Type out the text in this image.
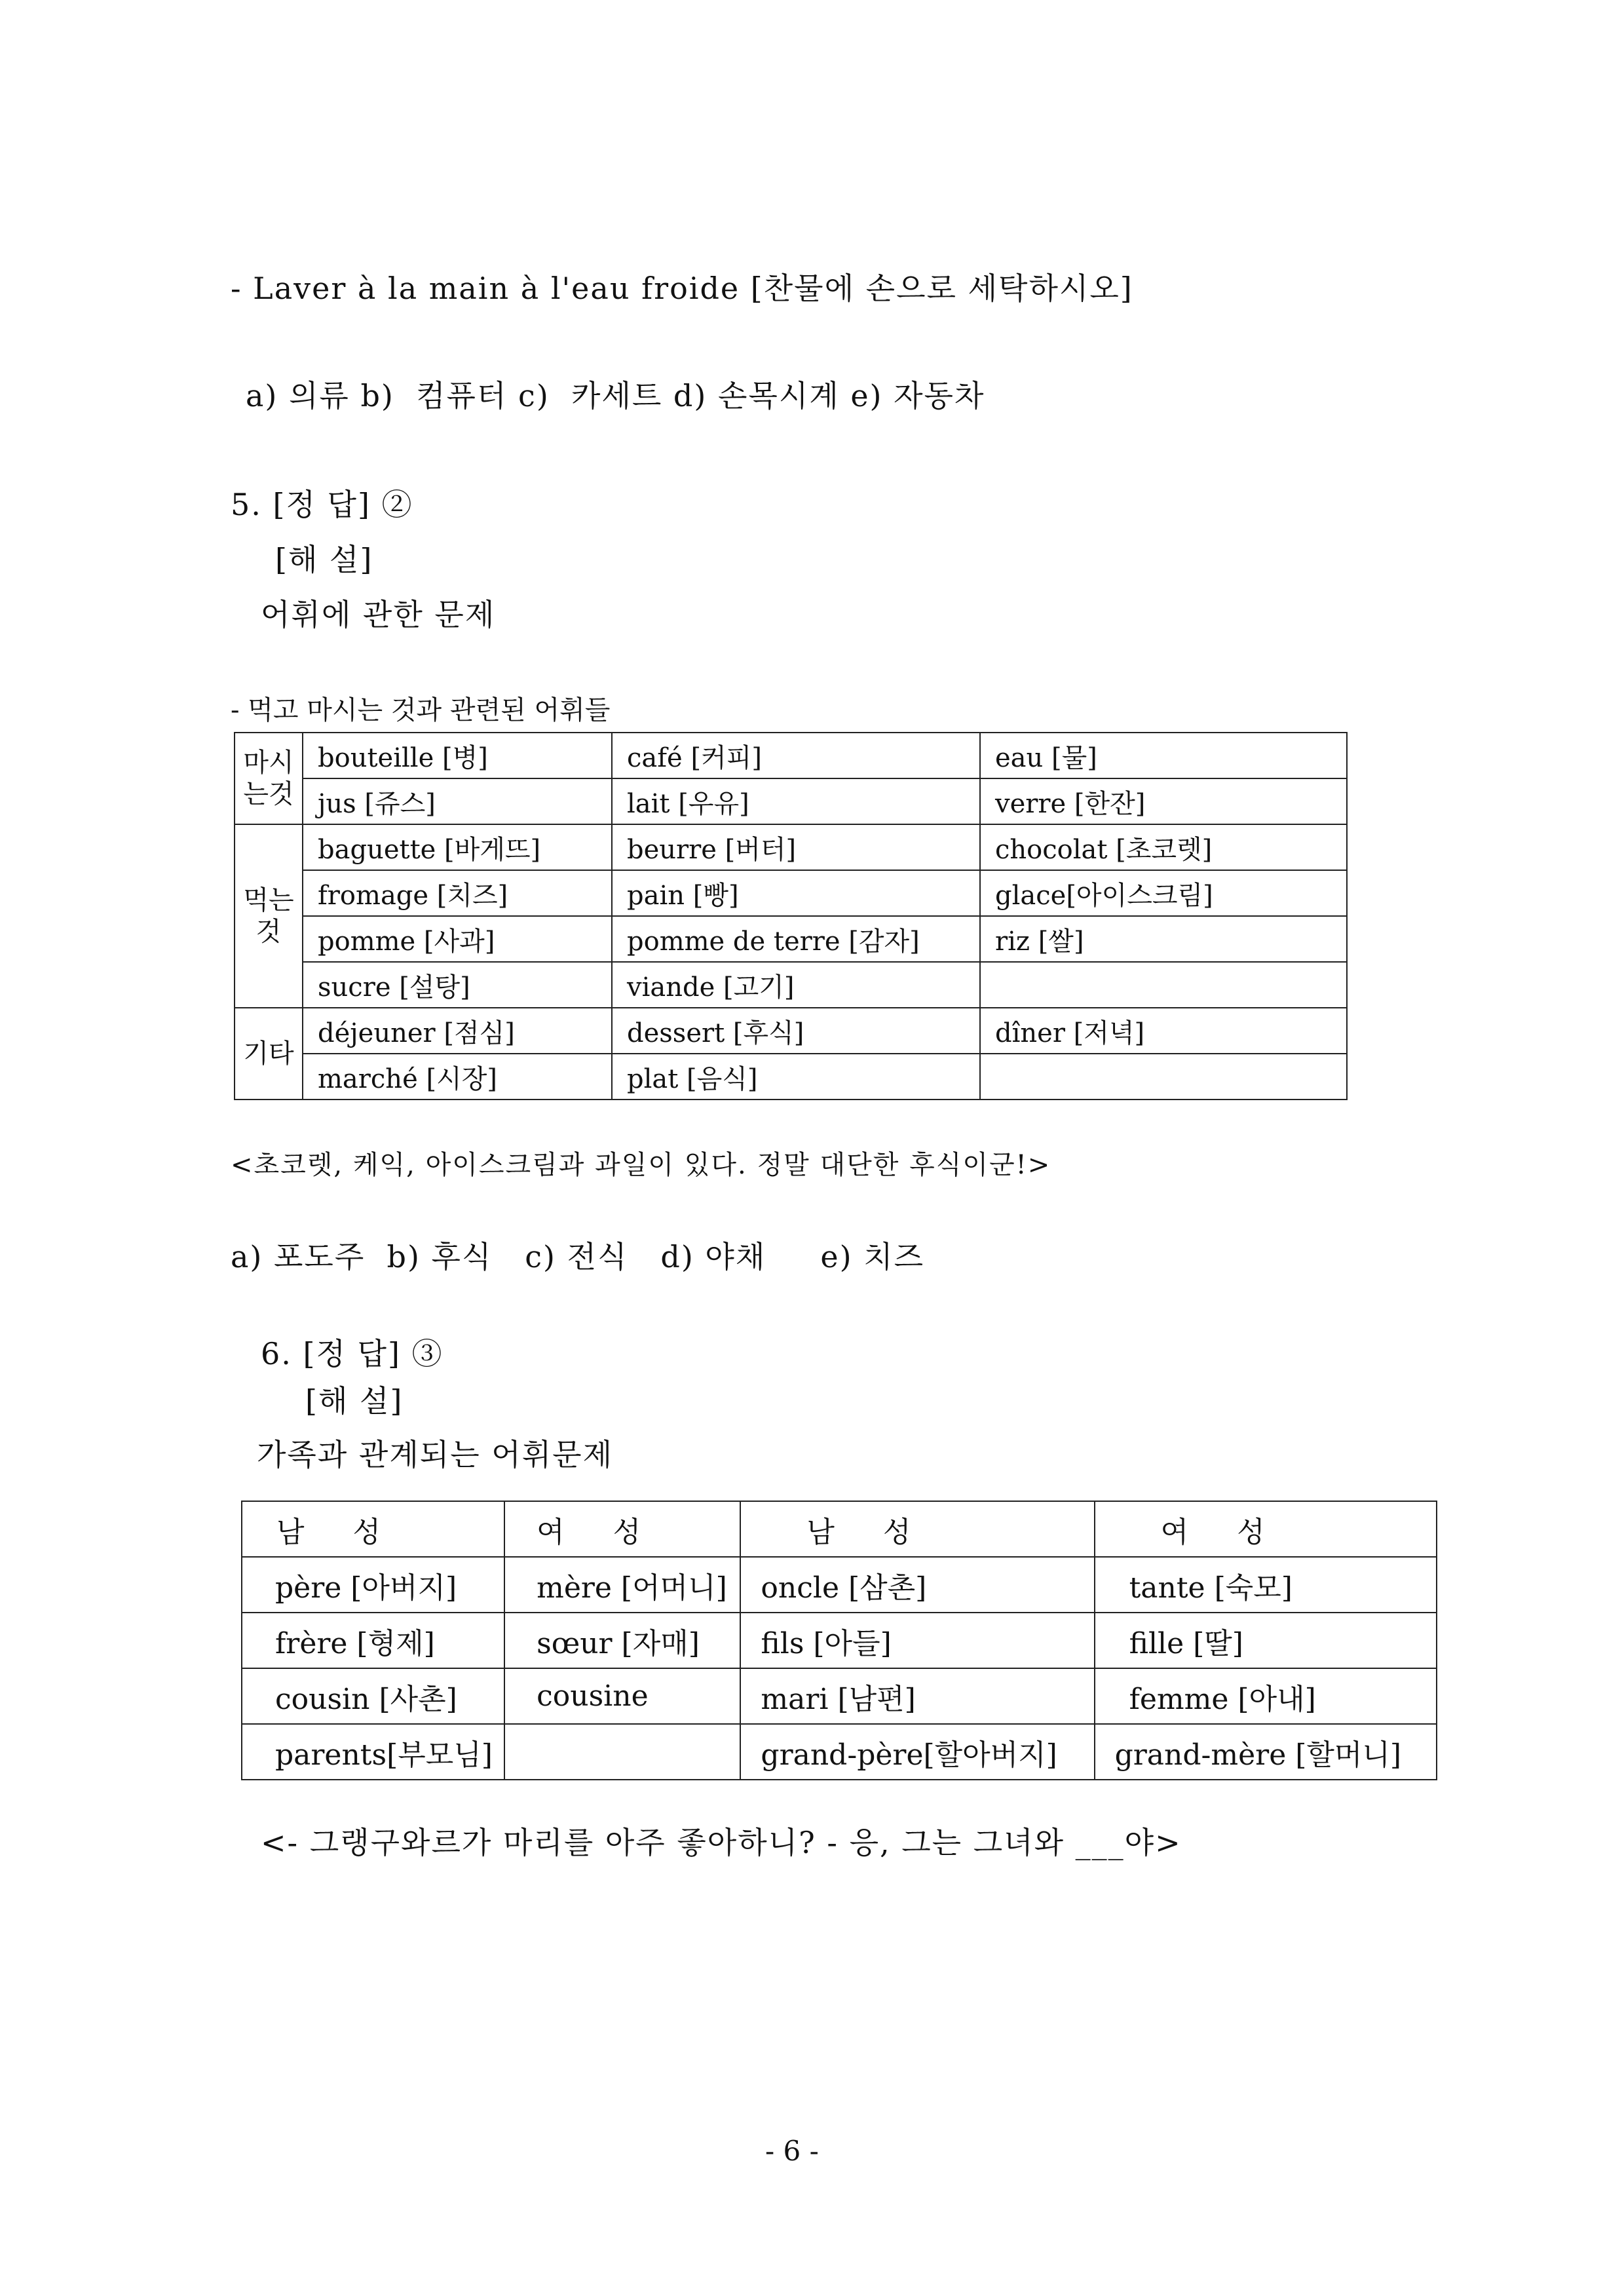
- Laver à la main à l'eau froide [찬물에 손으로 세탁하시오]
a) 의류 b)  컴퓨터 c)  카세트 d) 손목시계 e) 자동차
5. [정 답] ②
[해 설]
어휘에 관한 문제
- 먹고 마시는 것과 관련된 어휘들
마시
는것	bouteille [병]	café [커피]	eau [물]
	jus [쥬스]	lait [우유]	verre [한잔]
먹는
것	baguette [바게뜨]	beurre [버터]	chocolat [초코렛]
	fromage [치즈]	pain [빵]	glace[아이스크림]
	pomme [사과]	pomme de terre [감자]	riz [쌀]
	sucre [설탕]	viande [고기]	
기타	déjeuner [점심]	dessert [후식]	dîner [저녁]
	marché [시장]	plat [음식]	
<초코렛, 케익, 아이스크림과 과일이 있다. 정말 대단한 후식이군!>
a) 포도주  b) 후식   c) 전식   d) 야채     e) 치즈
6. [정 답] ③
[해 설]
가족과 관계되는 어휘문제
남 성	여 성	남 성	여 성
père [아버지]	mère [어머니]	oncle [삼촌]	tante [숙모]
frère [형제]	sœur [자매]	fils [아들]	fille [딸]
cousin [사촌]	cousine	mari [남편]	femme [아내]
parents[부모님]		grand-père[할아버지]	grand-mère [할머니]
<- 그랭구와르가 마리를 아주 좋아하니? - 응, 그는 그녀와 ___야>
- 6 -
